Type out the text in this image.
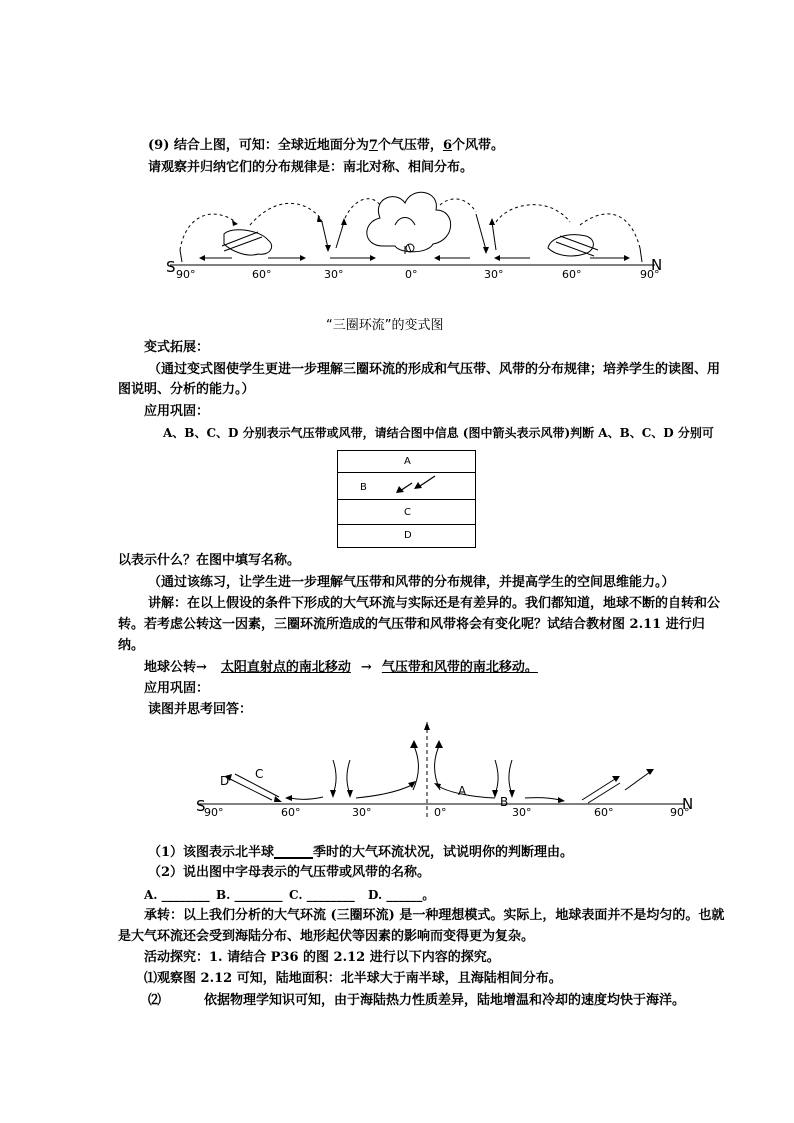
(9) 结合上图，可知：全球近地面分为7个气压带，6个风带。
请观察并归纳它们的分布规律是：南北对称、相间分布。
S	N
90°	60°	30°	0°	30°	60°	90°
“三圈环流”的变式图
变式拓展：
（通过变式图使学生更进一步理解三圈环流的形成和气压带、风带的分布规律；培养学生的读图、用
图说明、分析的能力。）
应用巩固：
A、B、C、D 分别表示气压带或风带，请结合图中信息 (图中箭头表示风带)判断 A、B、C、D 分别可
A
B
C
D
以表示什么？在图中填写名称。
（通过该练习，让学生进一步理解气压带和风带的分布规律，并提高学生的空间思维能力。）
讲解：在以上假设的条件下形成的大气环流与实际还是有差异的。我们都知道，地球不断的自转和公
转。若考虑公转这一因素，三圈环流所造成的气压带和风带将会有变化呢？试结合教材图 2.11 进行归
纳。
地球公转→ 太阳直射点的南北移动 → 气压带和风带的南北移动。
应用巩固：
读图并思考回答：
S	N
90°	60°	30°	0°	30°	60°	90°
A
B
C
D
（1）该图表示北半球______季时的大气环流状况，试说明你的判断理由。
（2）说出图中字母表示的气压带或风带的名称。
A. ________ B. ________ C. ________ D. ______。
承转：以上我们分析的大气环流 (三圈环流) 是一种理想模式。实际上，地球表面并不是均匀的。也就
是大气环流还会受到海陆分布、地形起伏等因素的影响而变得更为复杂。
活动探究：1. 请结合 P36 的图 2.12 进行以下内容的探究。
⑴观察图 2.12 可知，陆地面积：北半球大于南半球，且海陆相间分布。
⑵	依据物理学知识可知，由于海陆热力性质差异，陆地增温和冷却的速度均快于海洋。
